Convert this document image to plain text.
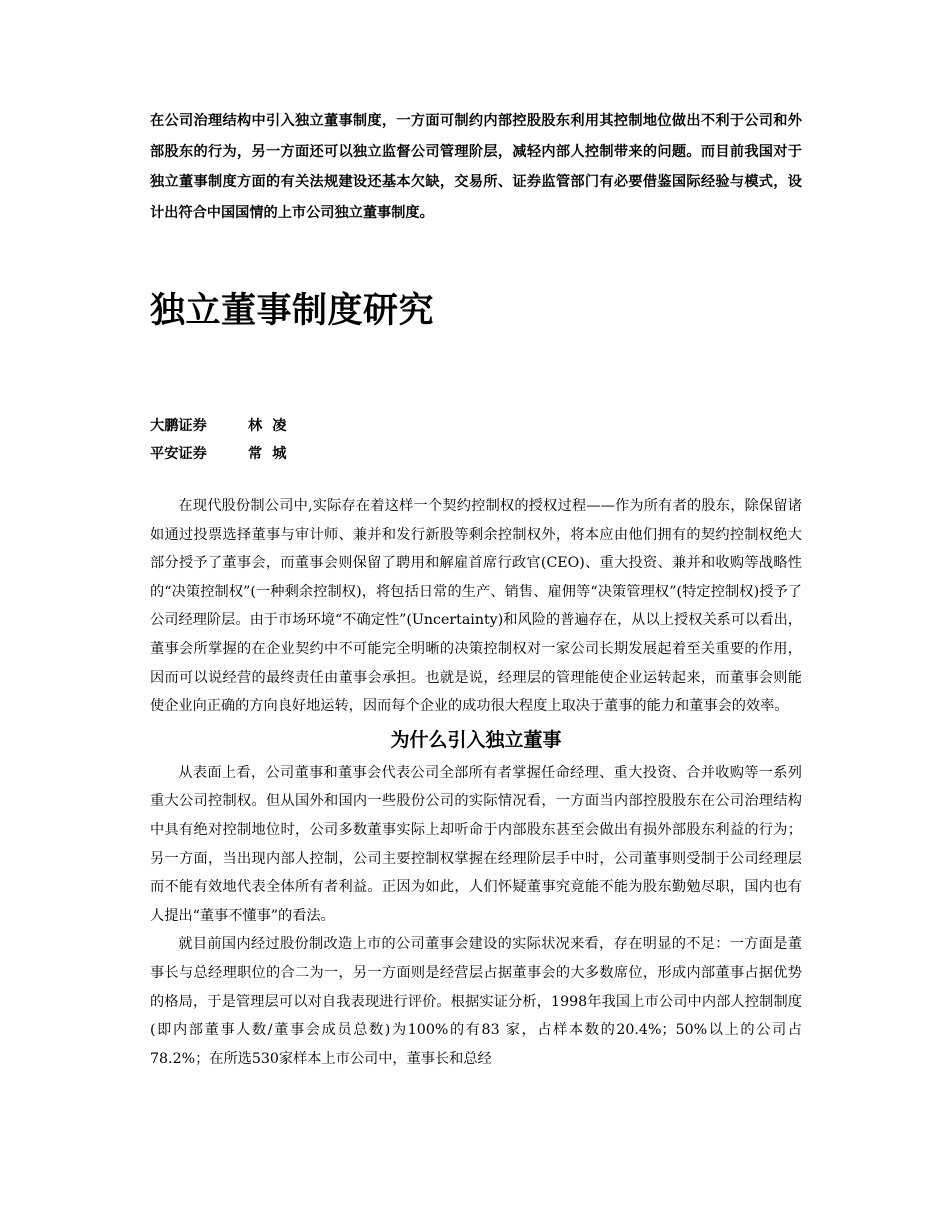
在公司治理结构中引入独立董事制度，一方面可制约内部控股股东利用其控制地位做出不利于公司和外部股东的行为，另一方面还可以独立监督公司管理阶层，减轻内部人控制带来的问题。而目前我国对于独立董事制度方面的有关法规建设还基本欠缺，交易所、证券监管部门有必要借鉴国际经验与模式，设计出符合中国国情的上市公司独立董事制度。
独立董事制度研究
大鹏证券	林凌
平安证券	常城

在现代股份制公司中,实际存在着这样一个契约控制权的授权过程——作为所有者的股东，除保留诸如通过投票选择董事与审计师、兼并和发行新股等剩余控制权外，将本应由他们拥有的契约控制权绝大部分授予了董事会，而董事会则保留了聘用和解雇首席行政官(CEO)、重大投资、兼并和收购等战略性的“决策控制权”(一种剩余控制权)，将包括日常的生产、销售、雇佣等“决策管理权”(特定控制权)授予了公司经理阶层。由于市场环境“不确定性”(Uncertainty)和风险的普遍存在，从以上授权关系可以看出，董事会所掌握的在企业契约中不可能完全明晰的决策控制权对一家公司长期发展起着至关重要的作用，因而可以说经营的最终责任由董事会承担。也就是说，经理层的管理能使企业运转起来，而董事会则能使企业向正确的方向良好地运转，因而每个企业的成功很大程度上取决于董事的能力和董事会的效率。

为什么引入独立董事

从表面上看，公司董事和董事会代表公司全部所有者掌握任命经理、重大投资、合并收购等一系列重大公司控制权。但从国外和国内一些股份公司的实际情况看，一方面当内部控股股东在公司治理结构中具有绝对控制地位时，公司多数董事实际上却听命于内部股东甚至会做出有损外部股东利益的行为；另一方面，当出现内部人控制，公司主要控制权掌握在经理阶层手中时，公司董事则受制于公司经理层而不能有效地代表全体所有者利益。正因为如此，人们怀疑董事究竟能不能为股东勤勉尽职，国内也有人提出“董事不懂事”的看法。

就目前国内经过股份制改造上市的公司董事会建设的实际状况来看，存在明显的不足：一方面是董事长与总经理职位的合二为一，另一方面则是经营层占据董事会的大多数席位，形成内部董事占据优势的格局，于是管理层可以对自我表现进行评价。根据实证分析，1998年我国上市公司中内部人控制制度(即内部董事人数/董事会成员总数)为100%的有83 家，占样本数的20.4%；50%以上的公司占78.2%；在所选530家样本上市公司中，董事长和总经
